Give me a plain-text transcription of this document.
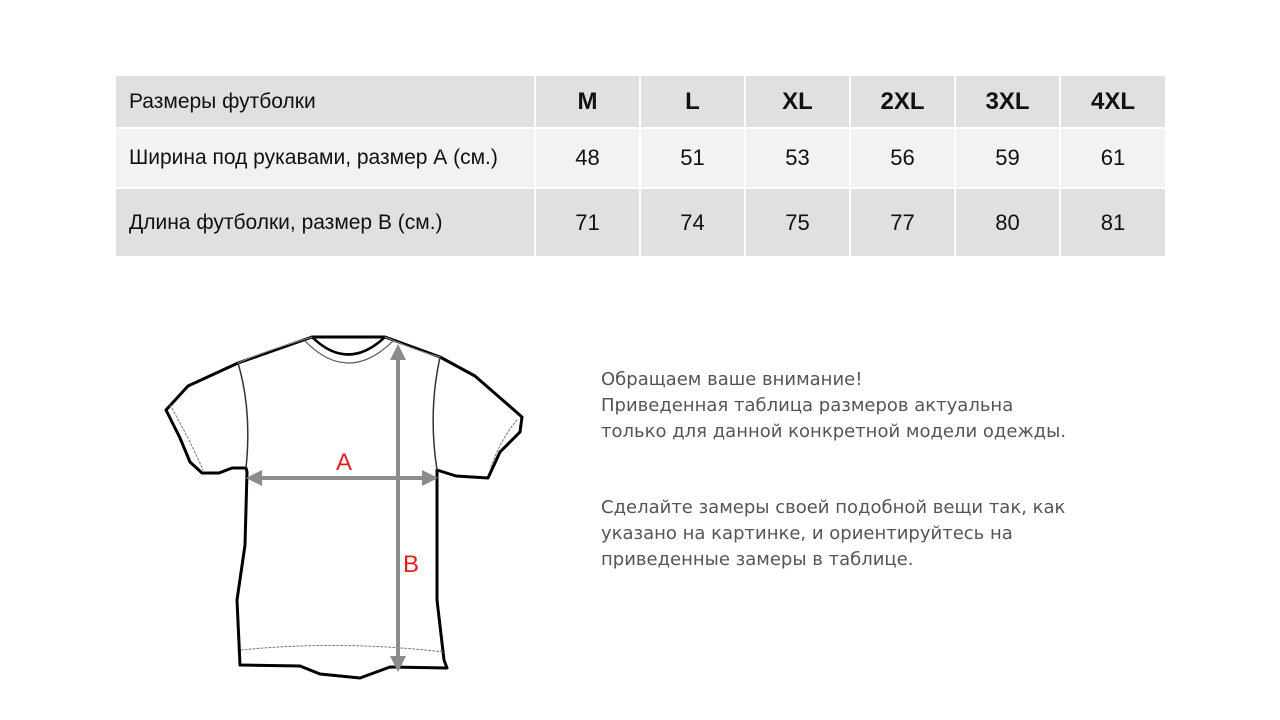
Размеры футболки	M	L	XL	2XL	3XL	4XL
Ширина под рукавами, размер А (см.)	48	51	53	56	59	61
Длина футболки, размер В (см.)	71	74	75	77	80	81
A
B

Обращаем ваше внимание!
Приведенная таблица размеров актуальна
только для данной конкретной модели одежды.

Сделайте замеры своей подобной вещи так, как
указано на картинке, и ориентируйтесь на
приведенные замеры в таблице.
